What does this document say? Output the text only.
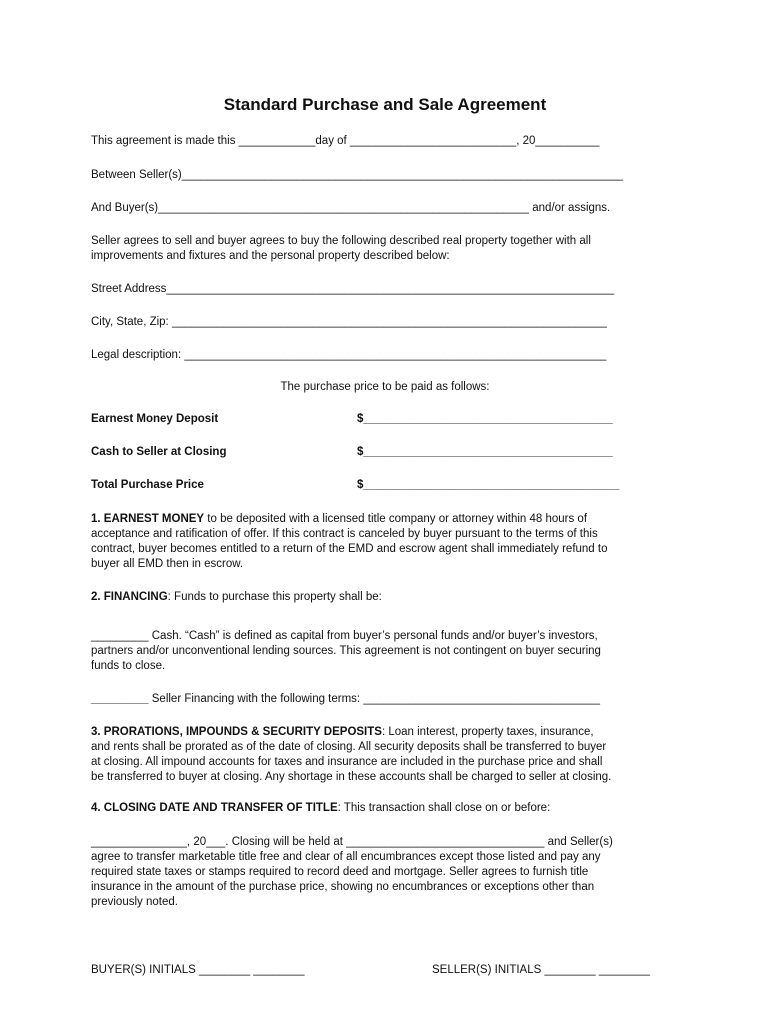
Standard Purchase and Sale Agreement
This agreement is made this ____________day of __________________________, 20__________
Between Seller(s)_____________________________________________________________________
And Buyer(s)__________________________________________________________ and/or assigns.
Seller agrees to sell and buyer agrees to buy the following described real property together with all
improvements and fixtures and the personal property described below:
Street Address______________________________________________________________________
City, State, Zip: ____________________________________________________________________
Legal description: __________________________________________________________________
The purchase price to be paid as follows:
Earnest Money Deposit	$_______________________________________
Cash to Seller at Closing	$_______________________________________
Total Purchase Price	$________________________________________
1. EARNEST MONEY to be deposited with a licensed title company or attorney within 48 hours of
acceptance and ratification of offer. If this contract is canceled by buyer pursuant to the terms of this
contract, buyer becomes entitled to a return of the EMD and escrow agent shall immediately refund to
buyer all EMD then in escrow.
2. FINANCING: Funds to purchase this property shall be:
_________ Cash. “Cash” is defined as capital from buyer’s personal funds and/or buyer’s investors,
partners and/or unconventional lending sources. This agreement is not contingent on buyer securing
funds to close.
_________ Seller Financing with the following terms: _____________________________________
3. PRORATIONS, IMPOUNDS & SECURITY DEPOSITS: Loan interest, property taxes, insurance,
and rents shall be prorated as of the date of closing. All security deposits shall be transferred to buyer
at closing. All impound accounts for taxes and insurance are included in the purchase price and shall
be transferred to buyer at closing. Any shortage in these accounts shall be charged to seller at closing.
4. CLOSING DATE AND TRANSFER OF TITLE: This transaction shall close on or before:
_______________, 20___. Closing will be held at _______________________________ and Seller(s)
agree to transfer marketable title free and clear of all encumbrances except those listed and pay any
required state taxes or stamps required to record deed and mortgage. Seller agrees to furnish title
insurance in the amount of the purchase price, showing no encumbrances or exceptions other than
previously noted.
BUYER(S) INITIALS ________ ________	SELLER(S) INITIALS ________ ________
